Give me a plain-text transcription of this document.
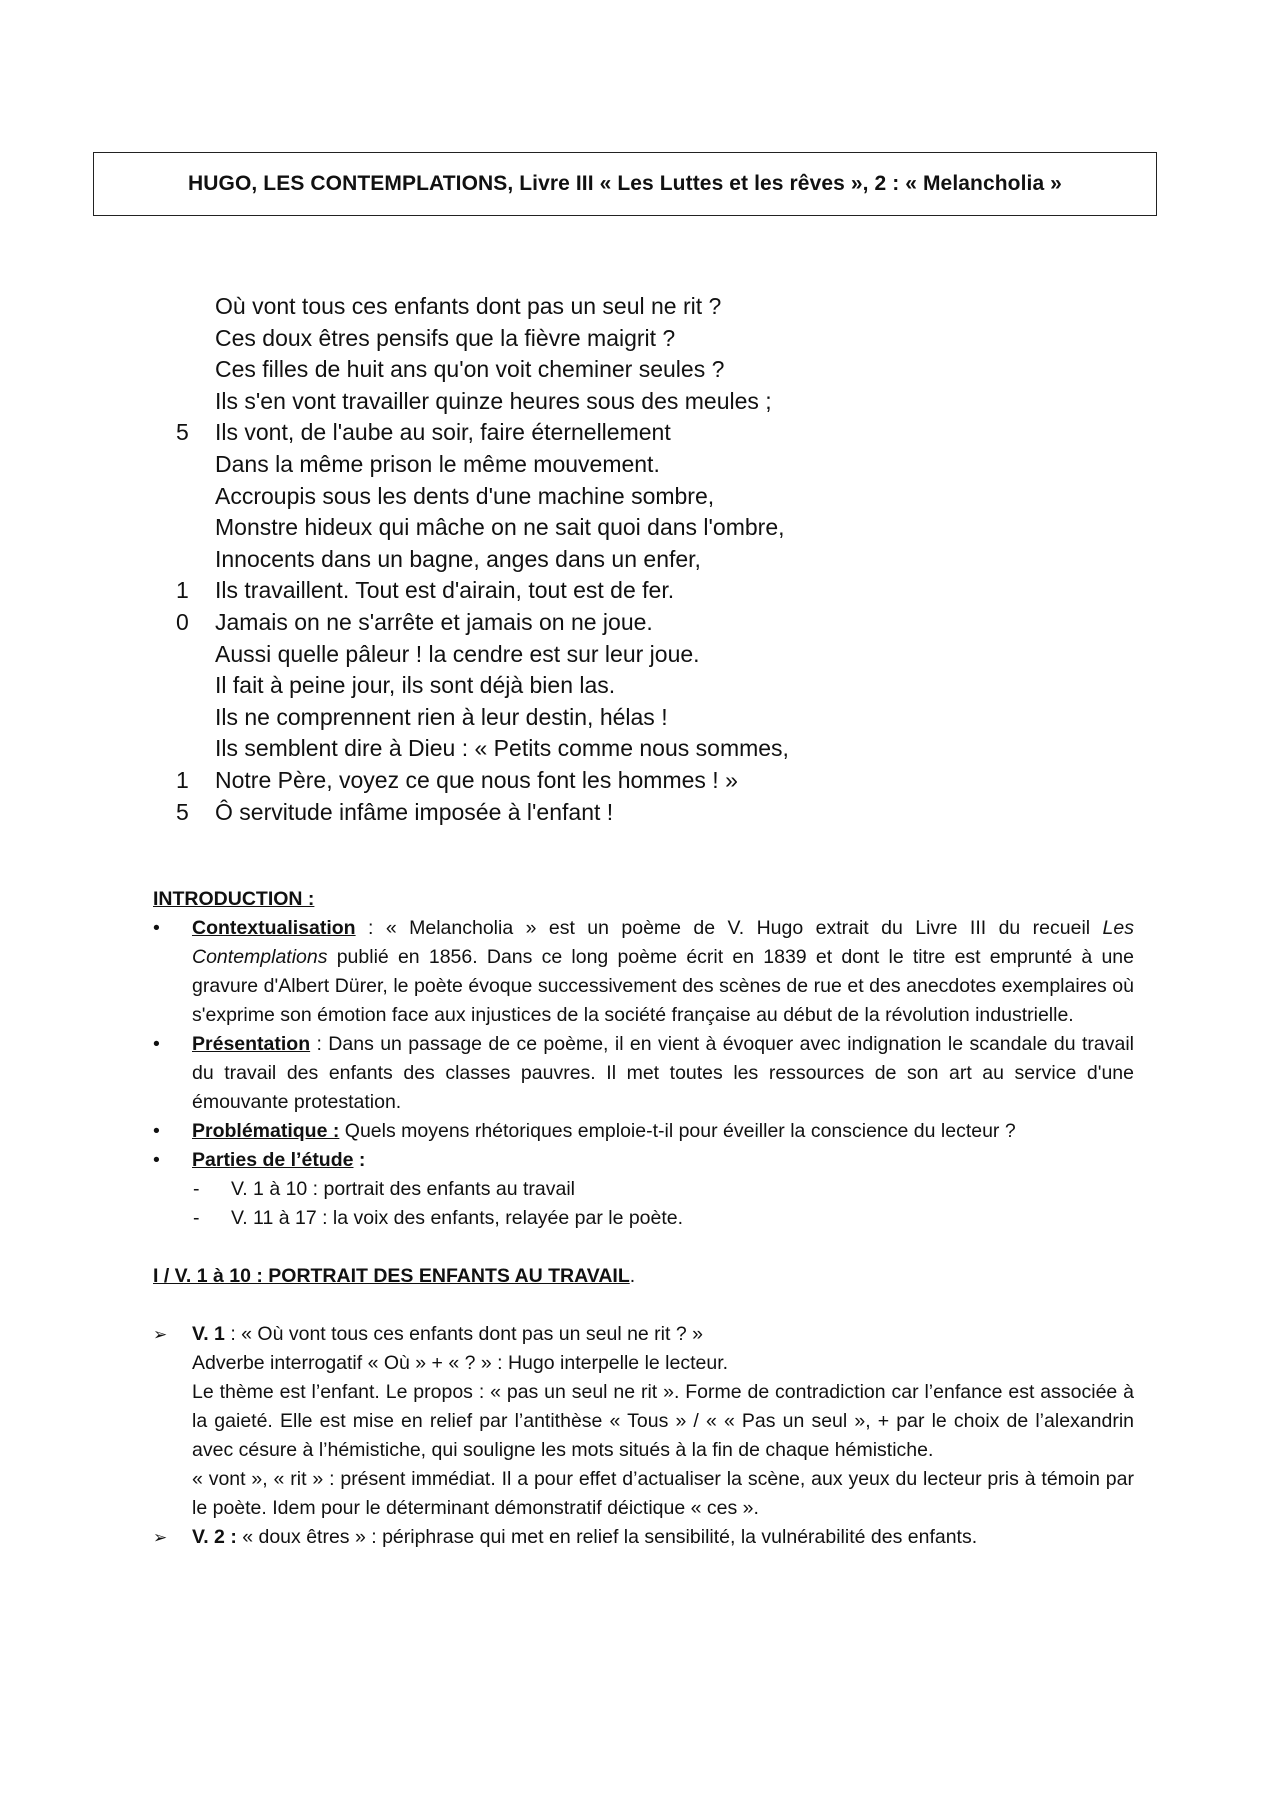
HUGO, LES CONTEMPLATIONS, Livre III « Les Luttes et les rêves », 2 : « Melancholia »
Où vont tous ces enfants dont pas un seul ne rit ?
Ces doux êtres pensifs que la fièvre maigrit ?
Ces filles de huit ans qu'on voit cheminer seules ?
Ils s'en vont travailler quinze heures sous des meules ;
5	Ils vont, de l'aube au soir, faire éternellement
Dans la même prison le même mouvement.
Accroupis sous les dents d'une machine sombre,
Monstre hideux qui mâche on ne sait quoi dans l'ombre,
Innocents dans un bagne, anges dans un enfer,
1	Ils travaillent. Tout est d'airain, tout est de fer.
0	Jamais on ne s'arrête et jamais on ne joue.
Aussi quelle pâleur ! la cendre est sur leur joue.
Il fait à peine jour, ils sont déjà bien las.
Ils ne comprennent rien à leur destin, hélas !
Ils semblent dire à Dieu : « Petits comme nous sommes,
1	Notre Père, voyez ce que nous font les hommes ! »
5	Ô servitude infâme imposée à l'enfant !
INTRODUCTION :
•	Contextualisation : « Melancholia » est un poème de V. Hugo extrait du Livre III du recueil Les Contemplations publié en 1856. Dans ce long poème écrit en 1839 et dont le titre est emprunté à une gravure d'Albert Dürer, le poète évoque successivement des scènes de rue et des anecdotes exemplaires où s'exprime son émotion face aux injustices de la société française au début de la révolution industrielle.
•	Présentation : Dans un passage de ce poème, il en vient à évoquer avec indignation le scandale du travail du travail des enfants des classes pauvres. Il met toutes les ressources de son art au service d'une émouvante protestation.
•	Problématique : Quels moyens rhétoriques emploie-t-il pour éveiller la conscience du lecteur ?
•	Parties de l’étude :
- V. 1 à 10 : portrait des enfants au travail
- V. 11 à 17 : la voix des enfants, relayée par le poète.
I / V. 1 à 10 : PORTRAIT DES ENFANTS AU TRAVAIL.
➢ V. 1 : « Où vont tous ces enfants dont pas un seul ne rit ? »
Adverbe interrogatif « Où » + « ? » : Hugo interpelle le lecteur.
Le thème est l’enfant. Le propos : « pas un seul ne rit ». Forme de contradiction car l’enfance est associée à la gaieté. Elle est mise en relief par l’antithèse « Tous » / « « Pas un seul », + par le choix de l’alexandrin avec césure à l’hémistiche, qui souligne les mots situés à la fin de chaque hémistiche.
« vont », « rit » : présent immédiat. Il a pour effet d’actualiser la scène, aux yeux du lecteur pris à témoin par le poète. Idem pour le déterminant démonstratif déictique « ces ».
➢ V. 2 : « doux êtres » : périphrase qui met en relief la sensibilité, la vulnérabilité des enfants.
